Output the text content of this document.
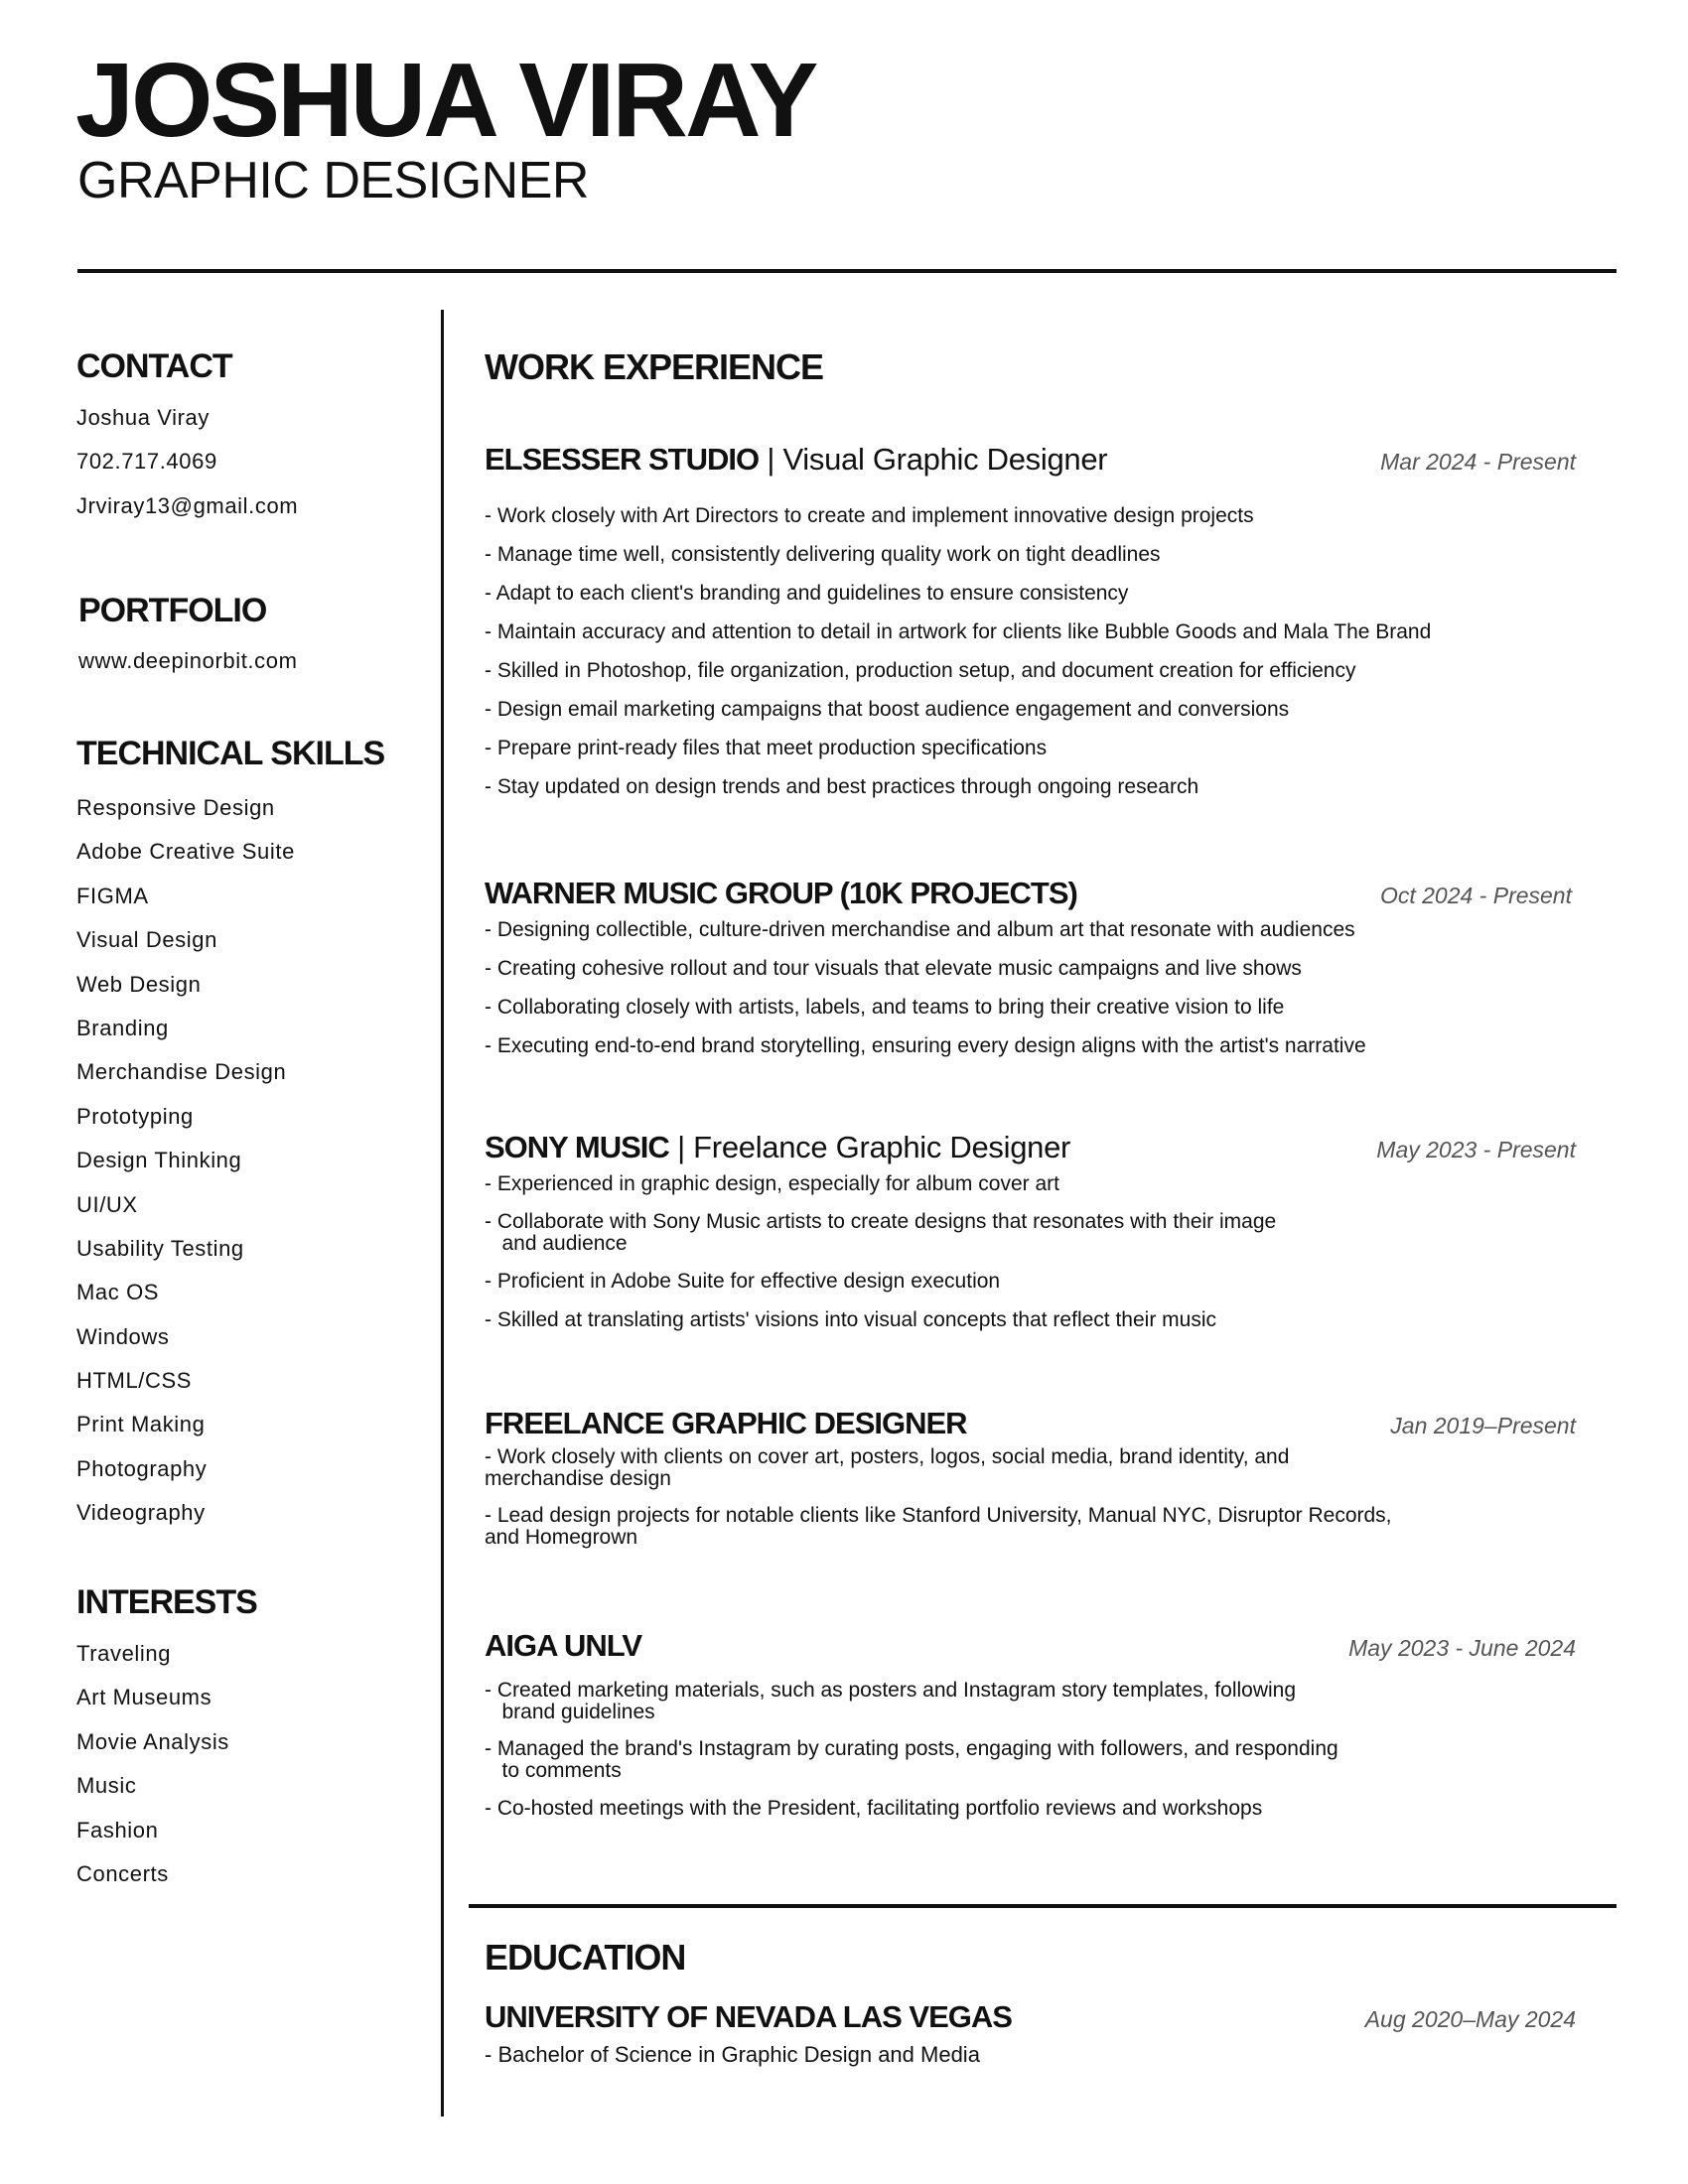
JOSHUA VIRAY
GRAPHIC DESIGNER
CONTACT
Joshua Viray
702.717.4069
Jrviray13@gmail.com
PORTFOLIO
www.deepinorbit.com
TECHNICAL SKILLS
Responsive Design
Adobe Creative Suite
FIGMA
Visual Design
Web Design
Branding
Merchandise Design
Prototyping
Design Thinking
UI/UX
Usability Testing
Mac OS
Windows
HTML/CSS
Print Making
Photography
Videography
INTERESTS
Traveling
Art Museums
Movie Analysis
Music
Fashion
Concerts
WORK EXPERIENCE
ELSESSER STUDIO | Visual Graphic Designer	Mar 2024 - Present
- Work closely with Art Directors to create and implement innovative design projects
- Manage time well, consistently delivering quality work on tight deadlines
- Adapt to each client's branding and guidelines to ensure consistency
- Maintain accuracy and attention to detail in artwork for clients like Bubble Goods and Mala The Brand
- Skilled in Photoshop, file organization, production setup, and document creation for efficiency
- Design email marketing campaigns that boost audience engagement and conversions
- Prepare print-ready files that meet production specifications
- Stay updated on design trends and best practices through ongoing research
WARNER MUSIC GROUP (10K PROJECTS)	Oct 2024 - Present
- Designing collectible, culture-driven merchandise and album art that resonate with audiences
- Creating cohesive rollout and tour visuals that elevate music campaigns and live shows
- Collaborating closely with artists, labels, and teams to bring their creative vision to life
- Executing end-to-end brand storytelling, ensuring every design aligns with the artist's narrative
SONY MUSIC | Freelance Graphic Designer	May 2023 - Present
- Experienced in graphic design, especially for album cover art
- Collaborate with Sony Music artists to create designs that resonates with their image
and audience
- Proficient in Adobe Suite for effective design execution
- Skilled at translating artists' visions into visual concepts that reflect their music
FREELANCE GRAPHIC DESIGNER	Jan 2019–Present
- Work closely with clients on cover art, posters, logos, social media, brand identity, and
merchandise design
- Lead design projects for notable clients like Stanford University, Manual NYC, Disruptor Records,
and Homegrown
AIGA UNLV	May 2023 - June 2024
- Created marketing materials, such as posters and Instagram story templates, following
brand guidelines
- Managed the brand's Instagram by curating posts, engaging with followers, and responding
to comments
- Co-hosted meetings with the President, facilitating portfolio reviews and workshops
EDUCATION
UNIVERSITY OF NEVADA LAS VEGAS	Aug 2020–May 2024
- Bachelor of Science in Graphic Design and Media
